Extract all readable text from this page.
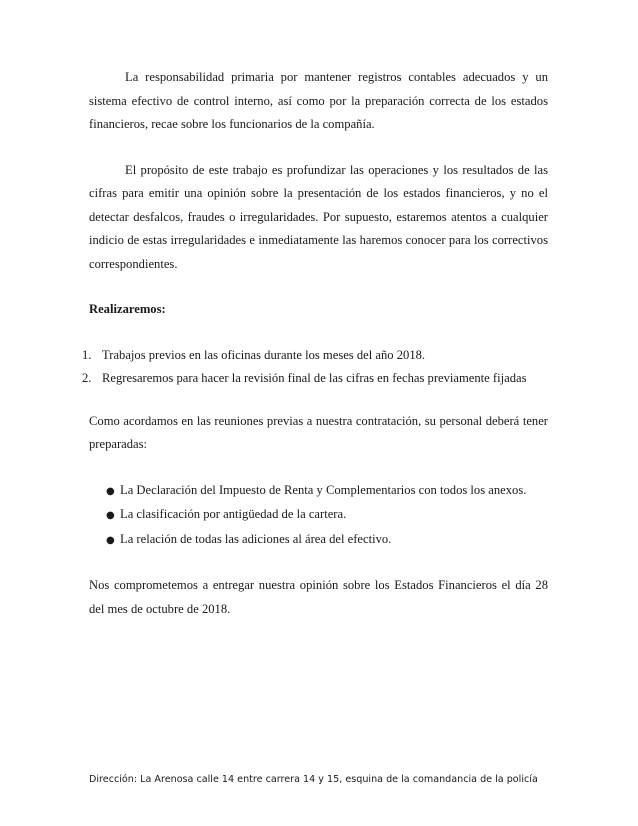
La responsabilidad primaria por mantener registros contables adecuados y un sistema efectivo de control interno, así como por la preparación correcta de los estados financieros, recae sobre los funcionarios de la compañía.

El propósito de este trabajo es profundizar las operaciones y los resultados de las cifras para emitir una opinión sobre la presentación de los estados financieros, y no el detectar desfalcos, fraudes o irregularidades. Por supuesto, estaremos atentos a cualquier indicio de estas irregularidades e inmediatamente las haremos conocer para los correctivos correspondientes.

Realizaremos:

1. Trabajos previos en las oficinas durante los meses del año 2018.
2. Regresaremos para hacer la revisión final de las cifras en fechas previamente fijadas

Como acordamos en las reuniones previas a nuestra contratación, su personal deberá tener preparadas:

● La Declaración del Impuesto de Renta y Complementarios con todos los anexos.
● La clasificación por antigüedad de la cartera.
● La relación de todas las adiciones al área del efectivo.

Nos comprometemos a entregar nuestra opinión sobre los Estados Financieros el día 28 del mes de octubre de 2018.

Dirección: La Arenosa calle 14 entre carrera 14 y 15, esquina de la comandancia de la policía
